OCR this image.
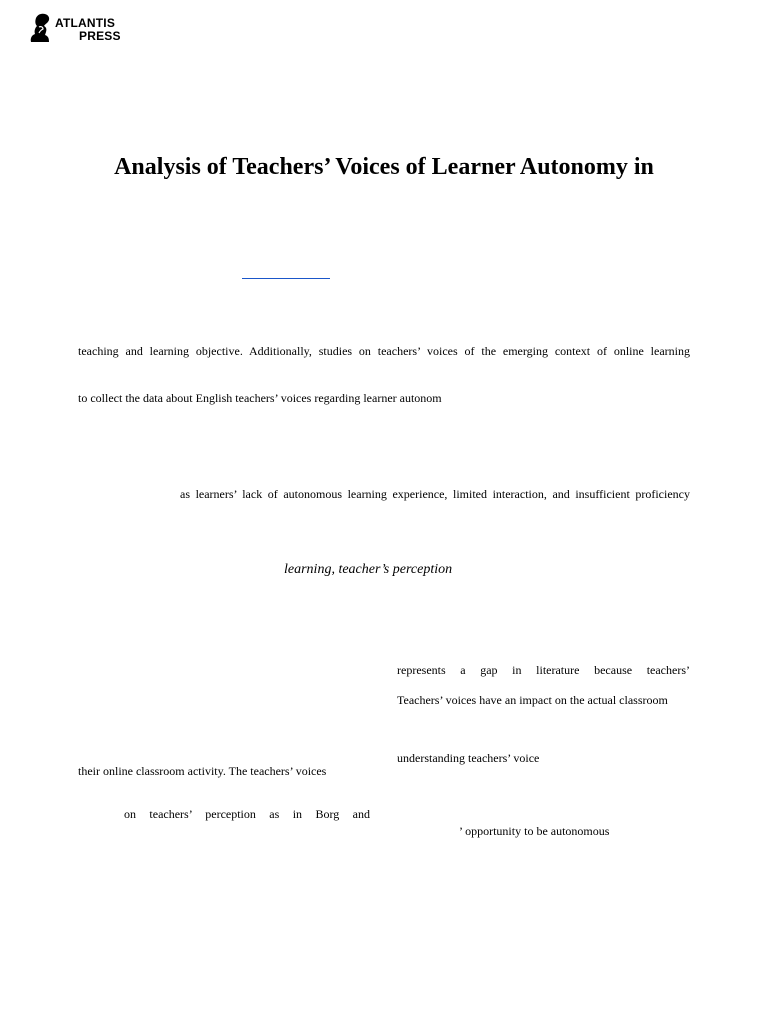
ATLANTIS
PRESS
Analysis of Teachers’ Voices of Learner Autonomy in
teaching and learning objective. Additionally, studies on teachers’ voices of the emerging context of online learning
to collect the data about English teachers’ voices regarding learner autonom
as learners’ lack of autonomous learning experience, limited interaction, and insufficient proficiency
learning, teacher’s perception
represents a gap in literature because teachers’
Teachers’ voices have an impact on the actual classroom
understanding teachers’ voice
their online classroom activity. The teachers’ voices
on teachers’ perception as in Borg and
’ opportunity to be autonomous
